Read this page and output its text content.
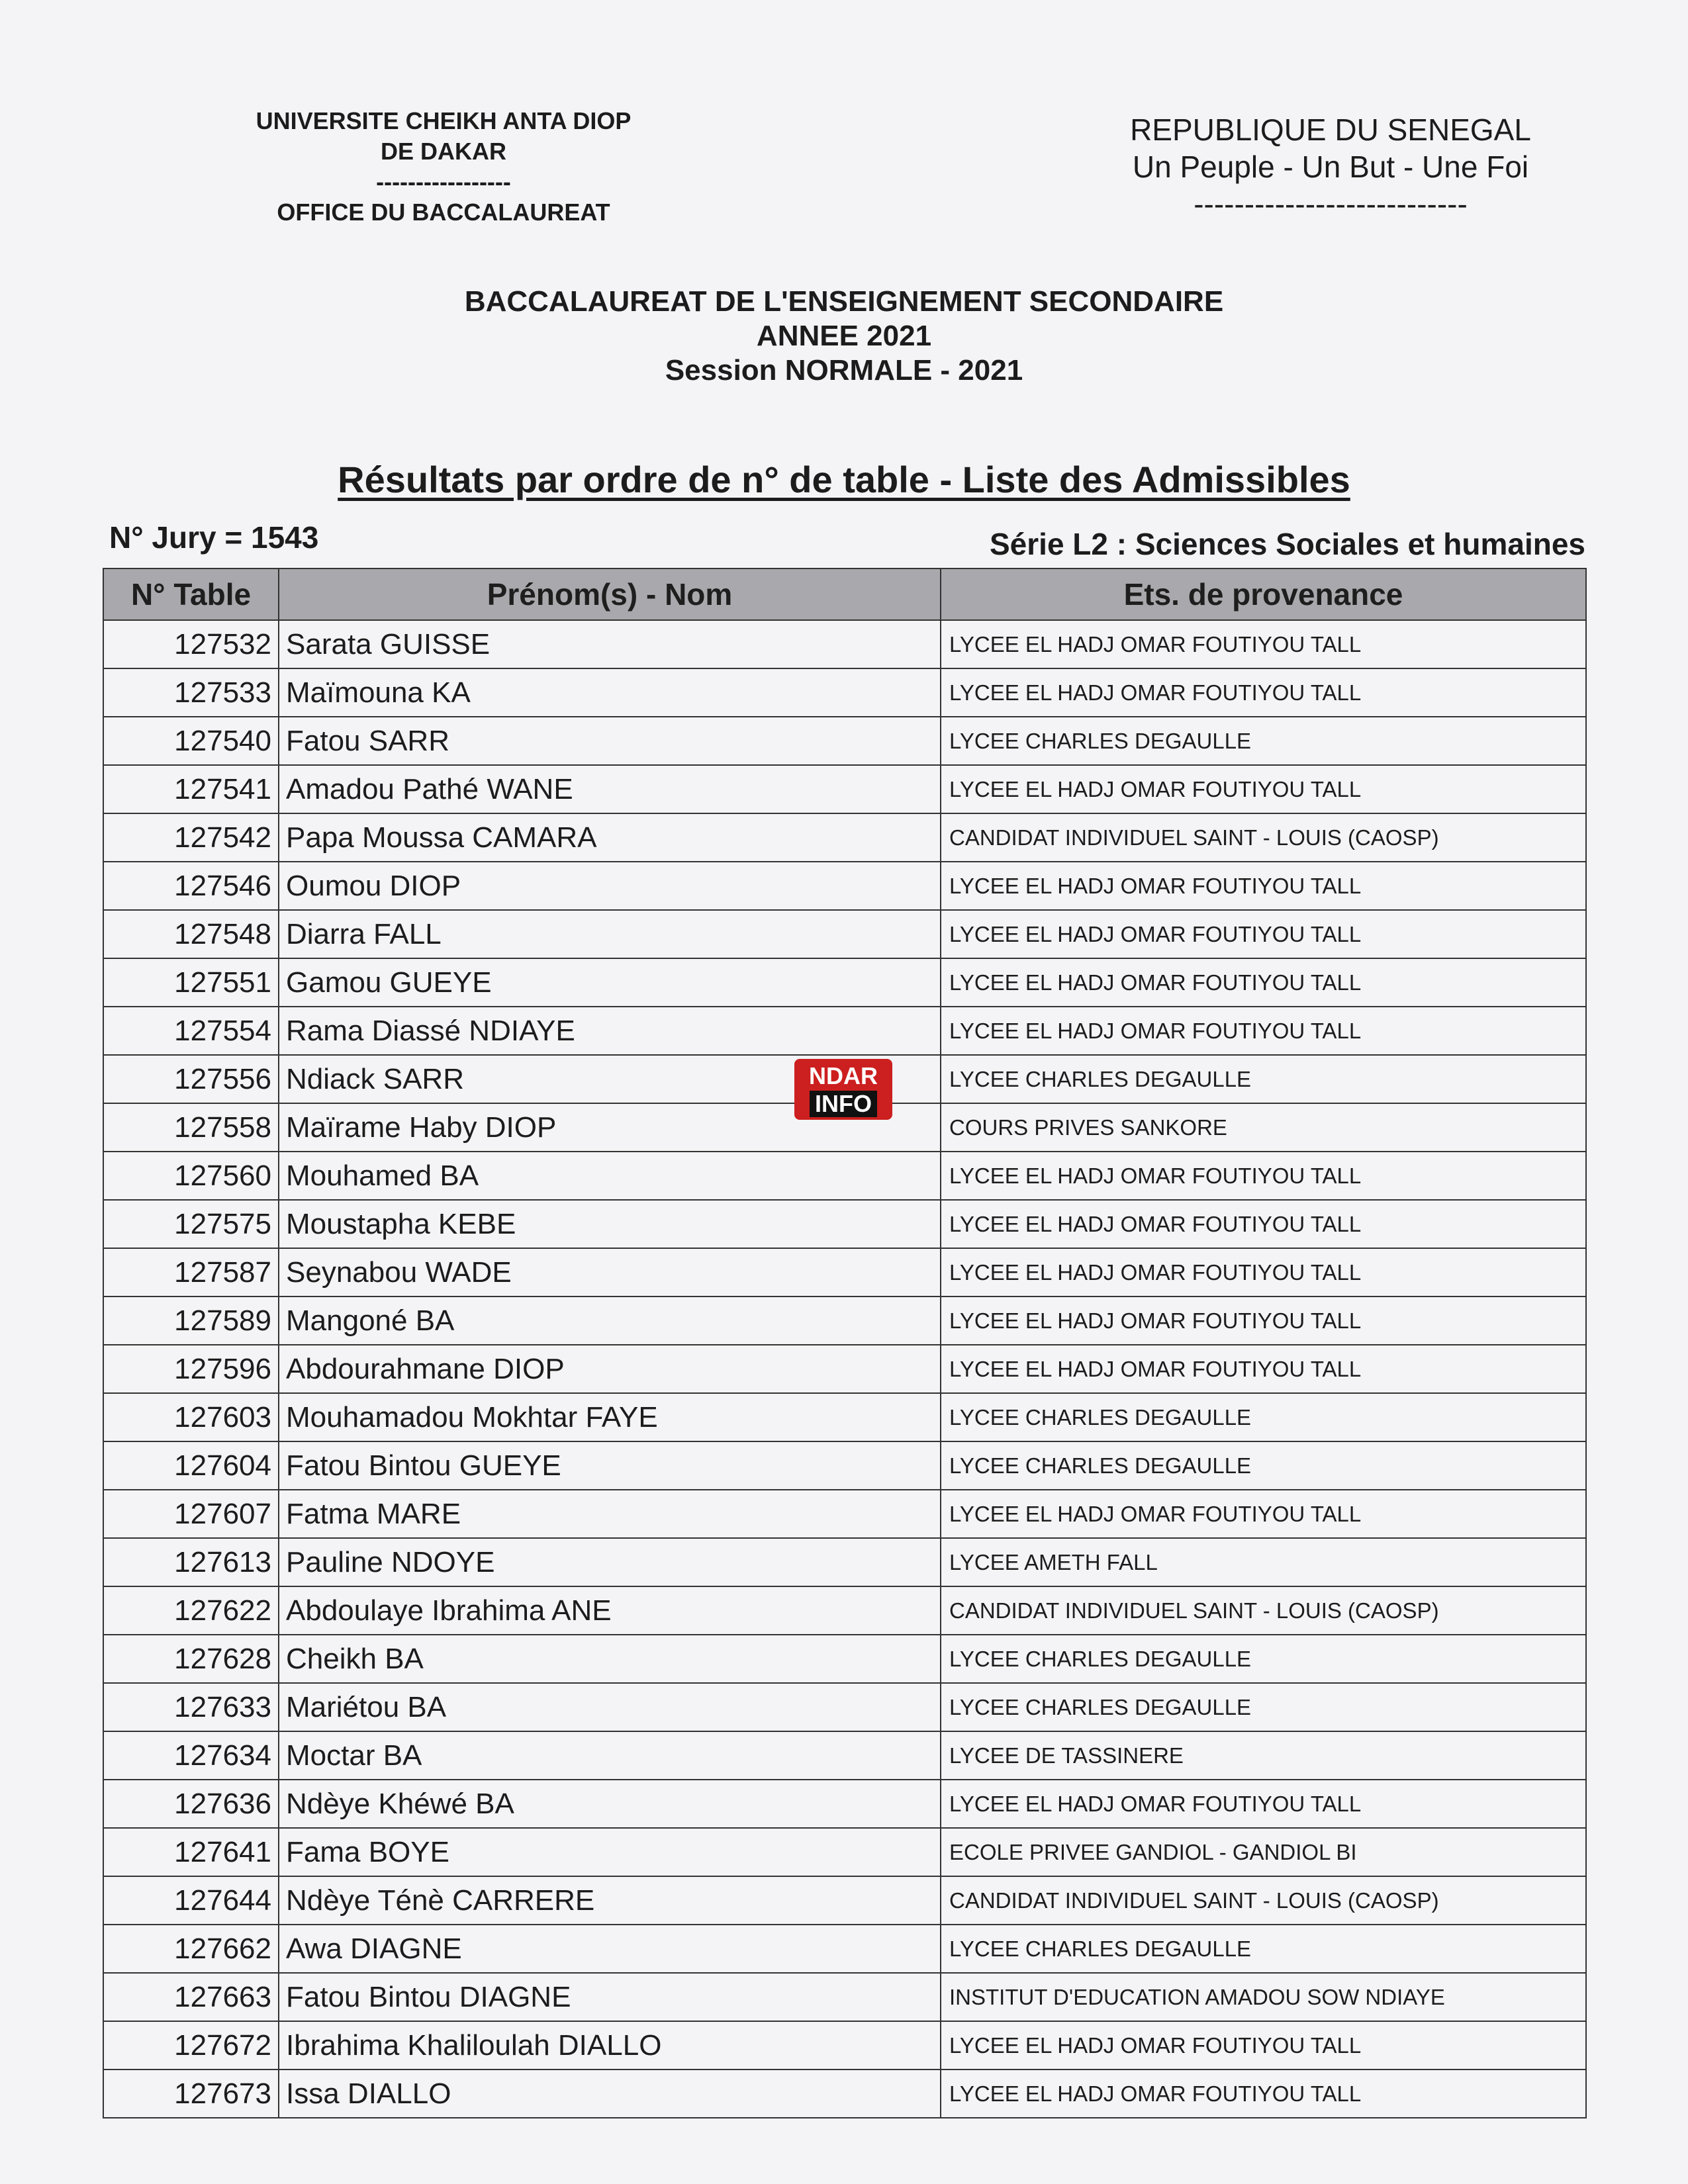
UNIVERSITE CHEIKH ANTA DIOP
DE DAKAR
-----------------
OFFICE DU BACCALAUREAT
REPUBLIQUE DU SENEGAL
Un Peuple - Un But - Une Foi
---------------------------
BACCALAUREAT DE L'ENSEIGNEMENT SECONDAIRE
ANNEE 2021
Session NORMALE - 2021
Résultats par ordre de n° de table - Liste des Admissibles
N° Jury = 1543	Série L2 : Sciences Sociales et humaines
N° Table	Prénom(s) - Nom	Ets. de provenance
127532	Sarata GUISSE	LYCEE EL HADJ OMAR FOUTIYOU TALL
127533	Maïmouna KA	LYCEE EL HADJ OMAR FOUTIYOU TALL
127540	Fatou SARR	LYCEE CHARLES DEGAULLE
127541	Amadou Pathé WANE	LYCEE EL HADJ OMAR FOUTIYOU TALL
127542	Papa Moussa CAMARA	CANDIDAT INDIVIDUEL SAINT - LOUIS (CAOSP)
127546	Oumou DIOP	LYCEE EL HADJ OMAR FOUTIYOU TALL
127548	Diarra FALL	LYCEE EL HADJ OMAR FOUTIYOU TALL
127551	Gamou GUEYE	LYCEE EL HADJ OMAR FOUTIYOU TALL
127554	Rama Diassé NDIAYE	LYCEE EL HADJ OMAR FOUTIYOU TALL
127556	Ndiack SARR	LYCEE CHARLES DEGAULLE
127558	Maïrame Haby DIOP	COURS PRIVES SANKORE
127560	Mouhamed BA	LYCEE EL HADJ OMAR FOUTIYOU TALL
127575	Moustapha KEBE	LYCEE EL HADJ OMAR FOUTIYOU TALL
127587	Seynabou WADE	LYCEE EL HADJ OMAR FOUTIYOU TALL
127589	Mangoné BA	LYCEE EL HADJ OMAR FOUTIYOU TALL
127596	Abdourahmane DIOP	LYCEE EL HADJ OMAR FOUTIYOU TALL
127603	Mouhamadou Mokhtar FAYE	LYCEE CHARLES DEGAULLE
127604	Fatou Bintou GUEYE	LYCEE CHARLES DEGAULLE
127607	Fatma MARE	LYCEE EL HADJ OMAR FOUTIYOU TALL
127613	Pauline NDOYE	LYCEE AMETH FALL
127622	Abdoulaye Ibrahima ANE	CANDIDAT INDIVIDUEL SAINT - LOUIS (CAOSP)
127628	Cheikh BA	LYCEE CHARLES DEGAULLE
127633	Mariétou BA	LYCEE CHARLES DEGAULLE
127634	Moctar BA	LYCEE DE TASSINERE
127636	Ndèye Khéwé BA	LYCEE EL HADJ OMAR FOUTIYOU TALL
127641	Fama BOYE	ECOLE PRIVEE GANDIOL - GANDIOL BI
127644	Ndèye Ténè CARRERE	CANDIDAT INDIVIDUEL SAINT - LOUIS (CAOSP)
127662	Awa DIAGNE	LYCEE CHARLES DEGAULLE
127663	Fatou Bintou DIAGNE	INSTITUT D'EDUCATION AMADOU SOW NDIAYE
127672	Ibrahima Khaliloulah DIALLO	LYCEE EL HADJ OMAR FOUTIYOU TALL
127673	Issa DIALLO	LYCEE EL HADJ OMAR FOUTIYOU TALL
NDAR
INFO
